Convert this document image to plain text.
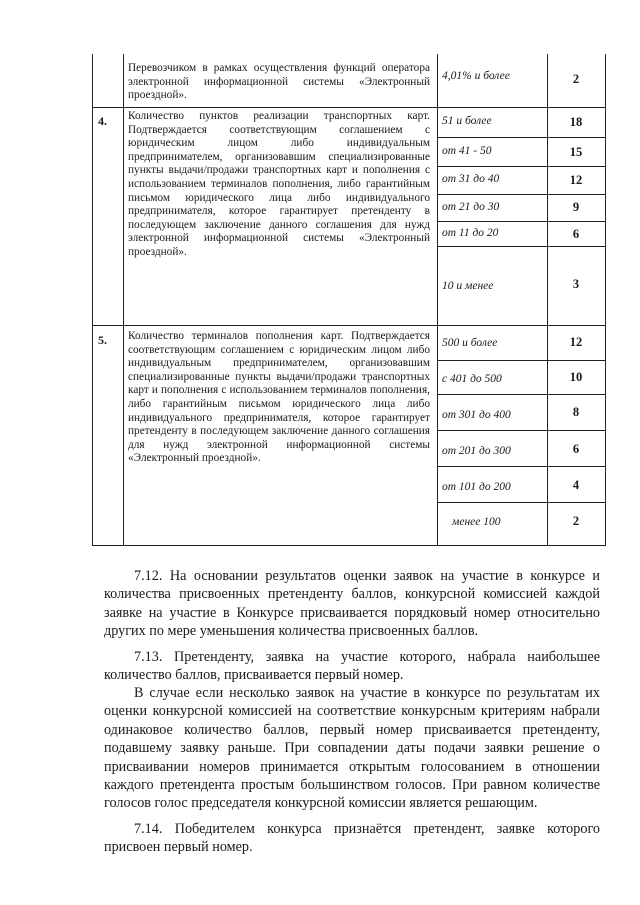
Перевозчиком в рамках осуществления функций оператора электронной информационной системы «Электронный проездной».
4,01% и более	2
4. Количество пунктов реализации транспортных карт. Подтверждается соответствующим соглашением с юридическим лицом либо индивидуальным предпринимателем, организовавшим специализированные пункты выдачи/продажи транспортных карт и пополнения с использованием терминалов пополнения, либо гарантийным письмом юридического лица либо индивидуального предпринимателя, которое гарантирует претенденту в последующем заключение данного соглашения для нужд электронной информационной системы «Электронный проездной».
51 и более	18
от 41 - 50	15
от 31 до 40	12
от 21 до 30	9
от 11 до 20	6
10 и менее	3
5. Количество терминалов пополнения карт. Подтверждается соответствующим соглашением с юридическим лицом либо индивидуальным предпринимателем, организовавшим специализированные пункты выдачи/продажи транспортных карт и пополнения с использованием терминалов пополнения, либо гарантийным письмом юридического лица либо индивидуального предпринимателя, которое гарантирует претенденту в последующем заключение данного соглашения для нужд электронной информационной системы «Электронный проездной».
500 и более	12
с 401 до 500	10
от 301 до 400	8
от 201 до 300	6
от 101 до 200	4
менее 100	2
7.12. На основании результатов оценки заявок на участие в конкурсе и количества присвоенных претенденту баллов, конкурсной комиссией каждой заявке на участие в Конкурсе присваивается порядковый номер относительно других по мере уменьшения количества присвоенных баллов.
7.13. Претенденту, заявка на участие которого, набрала наибольшее количество баллов, присваивается первый номер.
В случае если несколько заявок на участие в конкурсе по результатам их оценки конкурсной комиссией на соответствие конкурсным критериям набрали одинаковое количество баллов, первый номер присваивается претенденту, подавшему заявку раньше. При совпадении даты подачи заявки решение о присваивании номеров принимается открытым голосованием в отношении каждого претендента простым большинством голосов. При равном количестве голосов голос председателя конкурсной комиссии является решающим.
7.14. Победителем конкурса признаётся претендент, заявке которого присвоен первый номер.
